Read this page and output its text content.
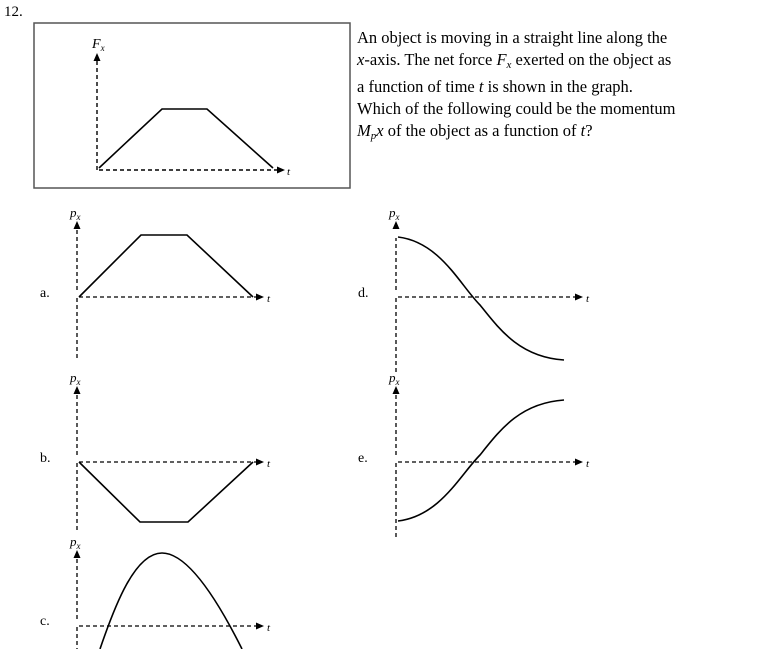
12.
An object is moving in a straight line along the x-axis. The net force $F_x$ exerted on the object as a function of time t is shown in the graph. Which of the following could be the momentum $M_px$ of the object as a function of t?
a.
b.
c.
d.
e.
$F_x$
t
$p_x$
t
$p_x$
t
$p_x$
t
$p_x$
t
$p_x$
t
